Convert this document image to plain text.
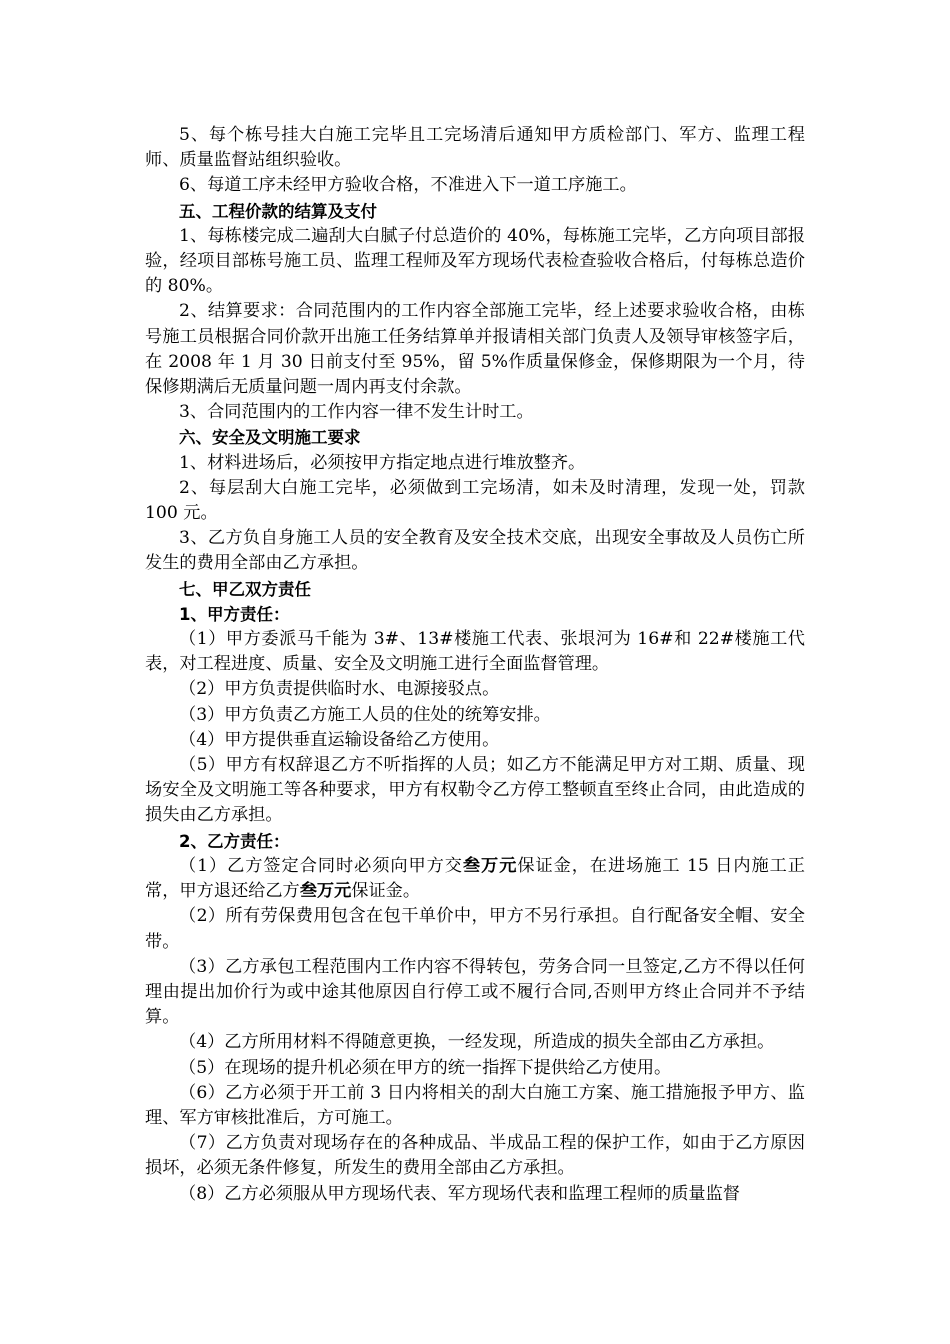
5、每个栋号挂大白施工完毕且工完场清后通知甲方质检部门、军方、监理工程师、质量监督站组织验收。

6、每道工序未经甲方验收合格，不准进入下一道工序施工。

五、工程价款的结算及支付

1、每栋楼完成二遍刮大白腻子付总造价的 40%，每栋施工完毕，乙方向项目部报验，经项目部栋号施工员、监理工程师及军方现场代表检查验收合格后，付每栋总造价的 80%。

2、结算要求：合同范围内的工作内容全部施工完毕，经上述要求验收合格，由栋号施工员根据合同价款开出施工任务结算单并报请相关部门负责人及领导审核签字后，在 2008 年 1 月 30 日前支付至 95%，留 5%作质量保修金，保修期限为一个月，待保修期满后无质量问题一周内再支付余款。

3、合同范围内的工作内容一律不发生计时工。

六、安全及文明施工要求

1、材料进场后，必须按甲方指定地点进行堆放整齐。

2、每层刮大白施工完毕，必须做到工完场清，如未及时清理，发现一处，罚款 100 元。

3、乙方负自身施工人员的安全教育及安全技术交底，出现安全事故及人员伤亡所发生的费用全部由乙方承担。

七、甲乙双方责任

1、甲方责任：

（1）甲方委派马千能为 3#、13#楼施工代表、张垠河为 16#和 22#楼施工代表，对工程进度、质量、安全及文明施工进行全面监督管理。

（2）甲方负责提供临时水、电源接驳点。

（3）甲方负责乙方施工人员的住处的统筹安排。

（4）甲方提供垂直运输设备给乙方使用。

（5）甲方有权辞退乙方不听指挥的人员；如乙方不能满足甲方对工期、质量、现场安全及文明施工等各种要求，甲方有权勒令乙方停工整顿直至终止合同，由此造成的损失由乙方承担。

2、乙方责任：

（1）乙方签定合同时必须向甲方交叁万元保证金，在进场施工 15 日内施工正常，甲方退还给乙方叁万元保证金。

（2）所有劳保费用包含在包干单价中，甲方不另行承担。自行配备安全帽、安全带。

（3）乙方承包工程范围内工作内容不得转包，劳务合同一旦签定,乙方不得以任何理由提出加价行为或中途其他原因自行停工或不履行合同,否则甲方终止合同并不予结算。

（4）乙方所用材料不得随意更换，一经发现，所造成的损失全部由乙方承担。

（5）在现场的提升机必须在甲方的统一指挥下提供给乙方使用。

（6）乙方必须于开工前 3 日内将相关的刮大白施工方案、施工措施报予甲方、监理、军方审核批准后，方可施工。

（7）乙方负责对现场存在的各种成品、半成品工程的保护工作，如由于乙方原因损坏，必须无条件修复，所发生的费用全部由乙方承担。

（8）乙方必须服从甲方现场代表、军方现场代表和监理工程师的质量监督
